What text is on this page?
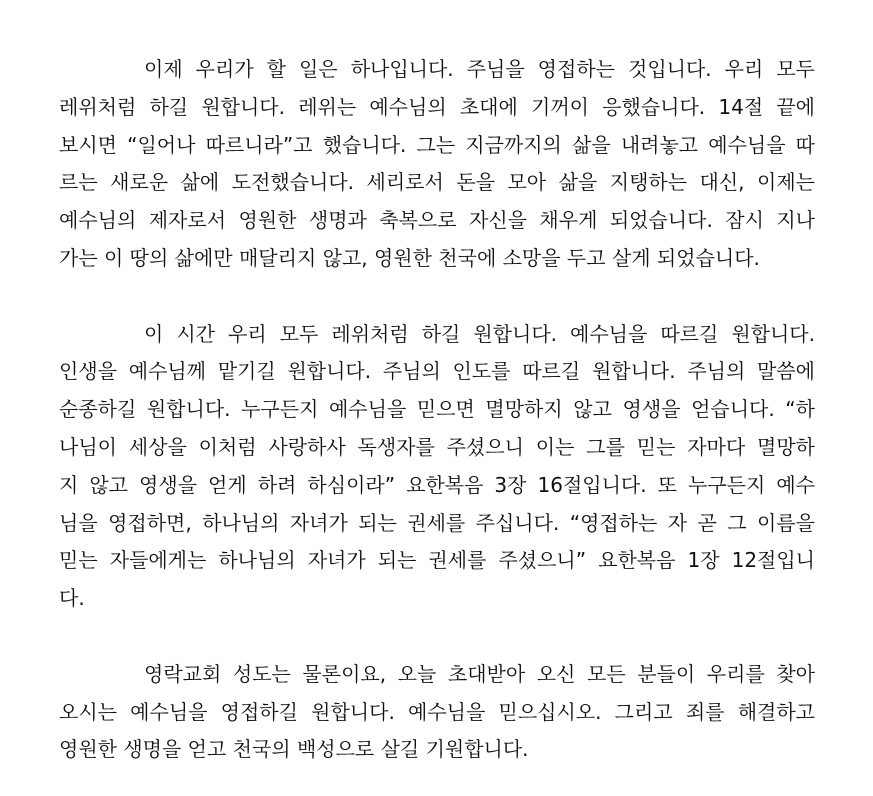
이제 우리가 할 일은 하나입니다. 주님을 영접하는 것입니다. 우리 모두
레위처럼 하길 원합니다. 레위는 예수님의 초대에 기꺼이 응했습니다. 14절 끝에
보시면 “일어나 따르니라”고 했습니다. 그는 지금까지의 삶을 내려놓고 예수님을 따
르는 새로운 삶에 도전했습니다. 세리로서 돈을 모아 삶을 지탱하는 대신, 이제는
예수님의 제자로서 영원한 생명과 축복으로 자신을 채우게 되었습니다. 잠시 지나
가는 이 땅의 삶에만 매달리지 않고, 영원한 천국에 소망을 두고 살게 되었습니다.
이 시간 우리 모두 레위처럼 하길 원합니다. 예수님을 따르길 원합니다.
인생을 예수님께 맡기길 원합니다. 주님의 인도를 따르길 원합니다. 주님의 말씀에
순종하길 원합니다. 누구든지 예수님을 믿으면 멸망하지 않고 영생을 얻습니다. “하
나님이 세상을 이처럼 사랑하사 독생자를 주셨으니 이는 그를 믿는 자마다 멸망하
지 않고 영생을 얻게 하려 하심이라” 요한복음 3장 16절입니다. 또 누구든지 예수
님을 영접하면, 하나님의 자녀가 되는 권세를 주십니다. “영접하는 자 곧 그 이름을
믿는 자들에게는 하나님의 자녀가 되는 권세를 주셨으니” 요한복음 1장 12절입니
다.
영락교회 성도는 물론이요, 오늘 초대받아 오신 모든 분들이 우리를 찾아
오시는 예수님을 영접하길 원합니다. 예수님을 믿으십시오. 그리고 죄를 해결하고
영원한 생명을 얻고 천국의 백성으로 살길 기원합니다.
